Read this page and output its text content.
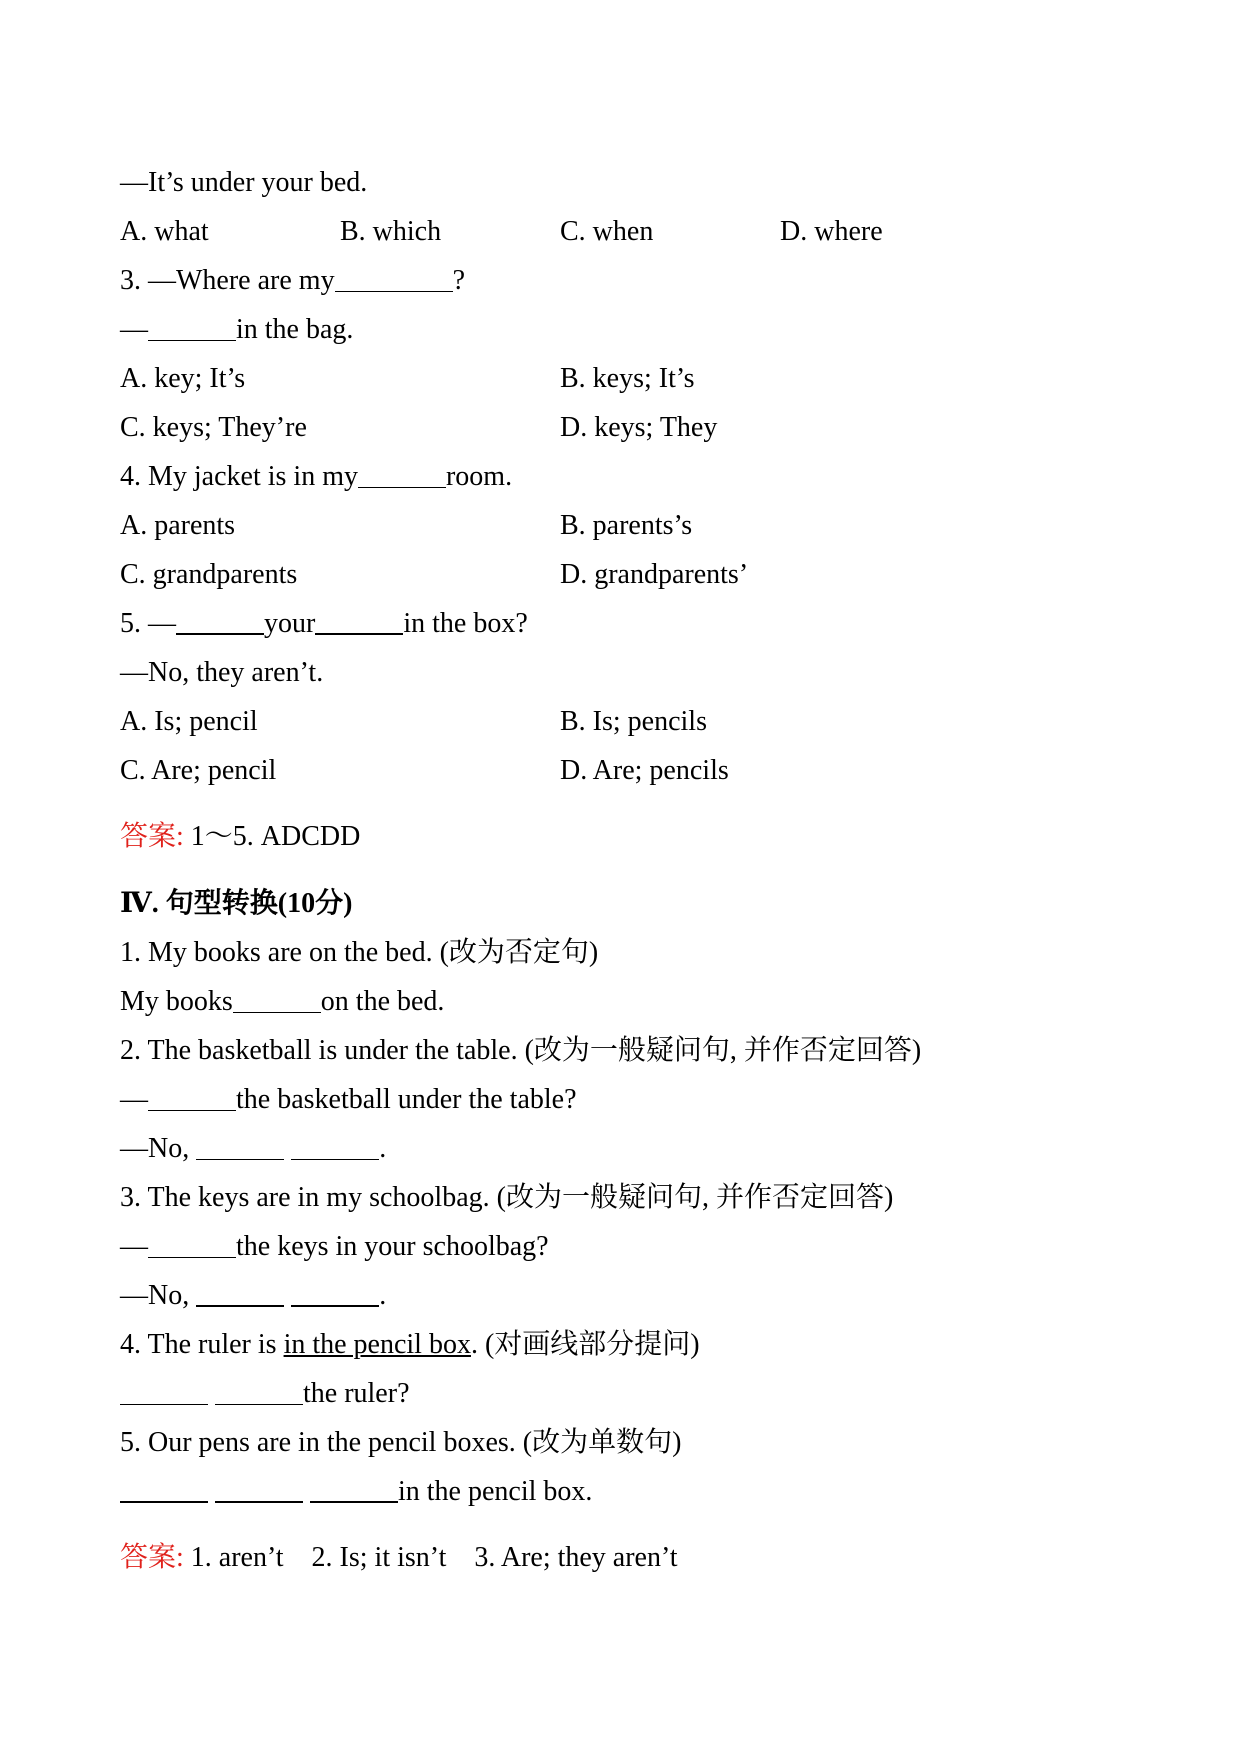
—It’s under your bed.
A. what	B. which	C. when	D. where
3. —Where are my	?
—	in the bag.
A. key; It’s	B. keys; It’s
C. keys; They’re	D. keys; They
4. My jacket is in my	room.
A. parents	B. parents’s
C. grandparents	D. grandparents’
5. —	your	in the box?
—No, they aren’t.
A. Is; pencil	B. Is; pencils
C. Are; pencil	D. Are; pencils
答案: 1～5. ADCDD
Ⅳ. 句型转换(10分)
1. My books are on the bed. (改为否定句)
My books	on the bed.
2. The basketball is under the table. (改为一般疑问句, 并作否定回答)
—	the basketball under the table?
—No,	.
3. The keys are in my schoolbag. (改为一般疑问句, 并作否定回答)
—	the keys in your schoolbag?
—No,	.
4. The ruler is in the pencil box. (对画线部分提问)
the ruler?
5. Our pens are in the pencil boxes. (改为单数句)
in the pencil box.
答案: 1. aren’t    2. Is; it isn’t    3. Are; they aren’t
